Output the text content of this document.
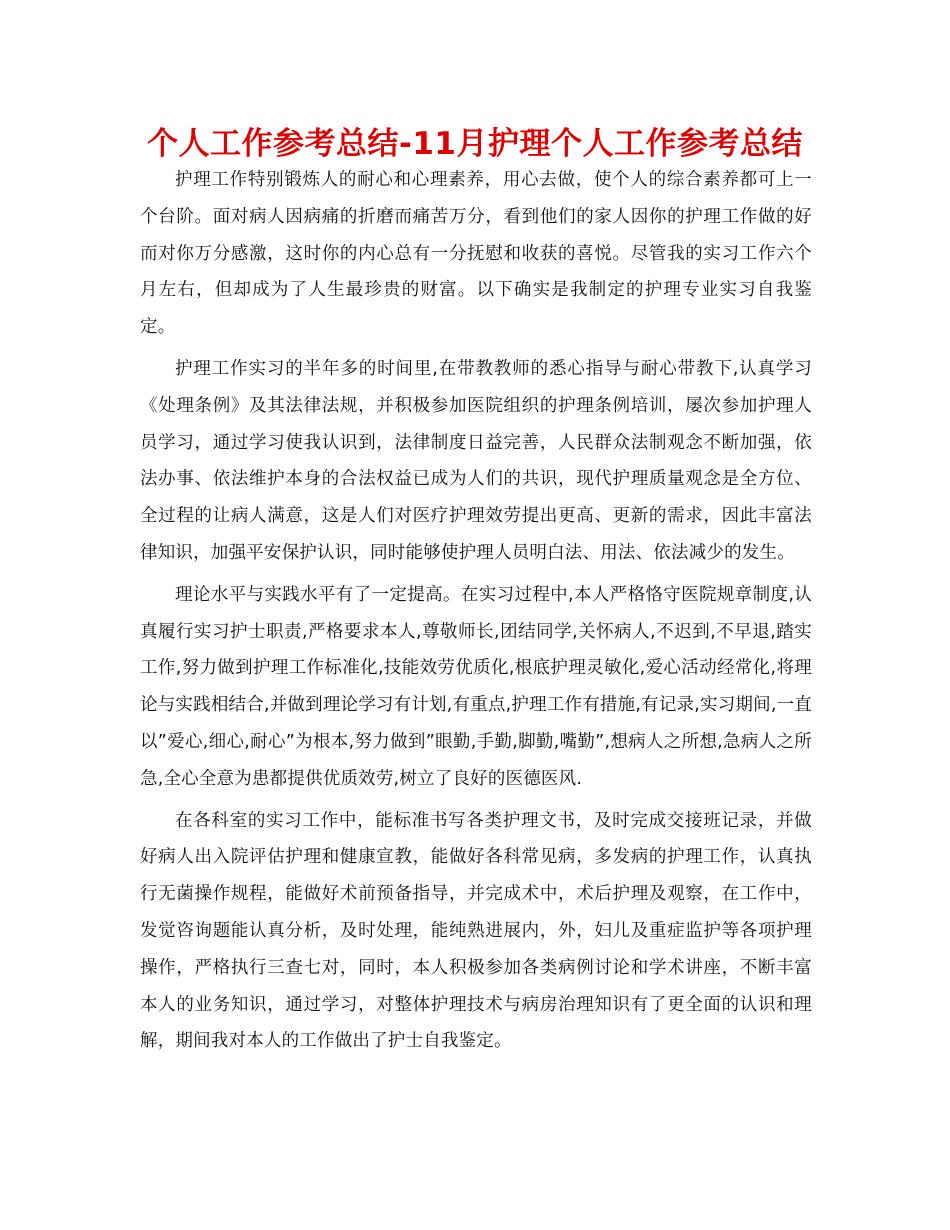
个人工作参考总结-11月护理个人工作参考总结

护理工作特别锻炼人的耐心和心理素养，用心去做，使个人的综合素养都可上一个台阶。面对病人因病痛的折磨而痛苦万分，看到他们的家人因你的护理工作做的好而对你万分感激，这时你的内心总有一分抚慰和收获的喜悦。尽管我的实习工作六个月左右，但却成为了人生最珍贵的财富。以下确实是我制定的护理专业实习自我鉴定。

护理工作实习的半年多的时间里,在带教教师的悉心指导与耐心带教下,认真学习《处理条例》及其法律法规，并积极参加医院组织的护理条例培训，屡次参加护理人员学习，通过学习使我认识到，法律制度日益完善，人民群众法制观念不断加强，依法办事、依法维护本身的合法权益已成为人们的共识，现代护理质量观念是全方位、全过程的让病人满意，这是人们对医疗护理效劳提出更高、更新的需求，因此丰富法律知识，加强平安保护认识，同时能够使护理人员明白法、用法、依法减少的发生。

理论水平与实践水平有了一定提高。在实习过程中,本人严格恪守医院规章制度,认真履行实习护士职责,严格要求本人,尊敬师长,团结同学,关怀病人,不迟到,不早退,踏实工作,努力做到护理工作标准化,技能效劳优质化,根底护理灵敏化,爱心活动经常化,将理论与实践相结合,并做到理论学习有计划,有重点,护理工作有措施,有记录,实习期间,一直以”爱心,细心,耐心”为根本,努力做到”眼勤,手勤,脚勤,嘴勤”,想病人之所想,急病人之所急,全心全意为患都提供优质效劳,树立了良好的医德医风.

在各科室的实习工作中，能标准书写各类护理文书，及时完成交接班记录，并做好病人出入院评估护理和健康宣教，能做好各科常见病，多发病的护理工作，认真执行无菌操作规程，能做好术前预备指导，并完成术中，术后护理及观察，在工作中，发觉咨询题能认真分析，及时处理，能纯熟进展内，外，妇儿及重症监护等各项护理操作，严格执行三查七对，同时，本人积极参加各类病例讨论和学术讲座，不断丰富本人的业务知识，通过学习，对整体护理技术与病房治理知识有了更全面的认识和理解，期间我对本人的工作做出了护士自我鉴定。
